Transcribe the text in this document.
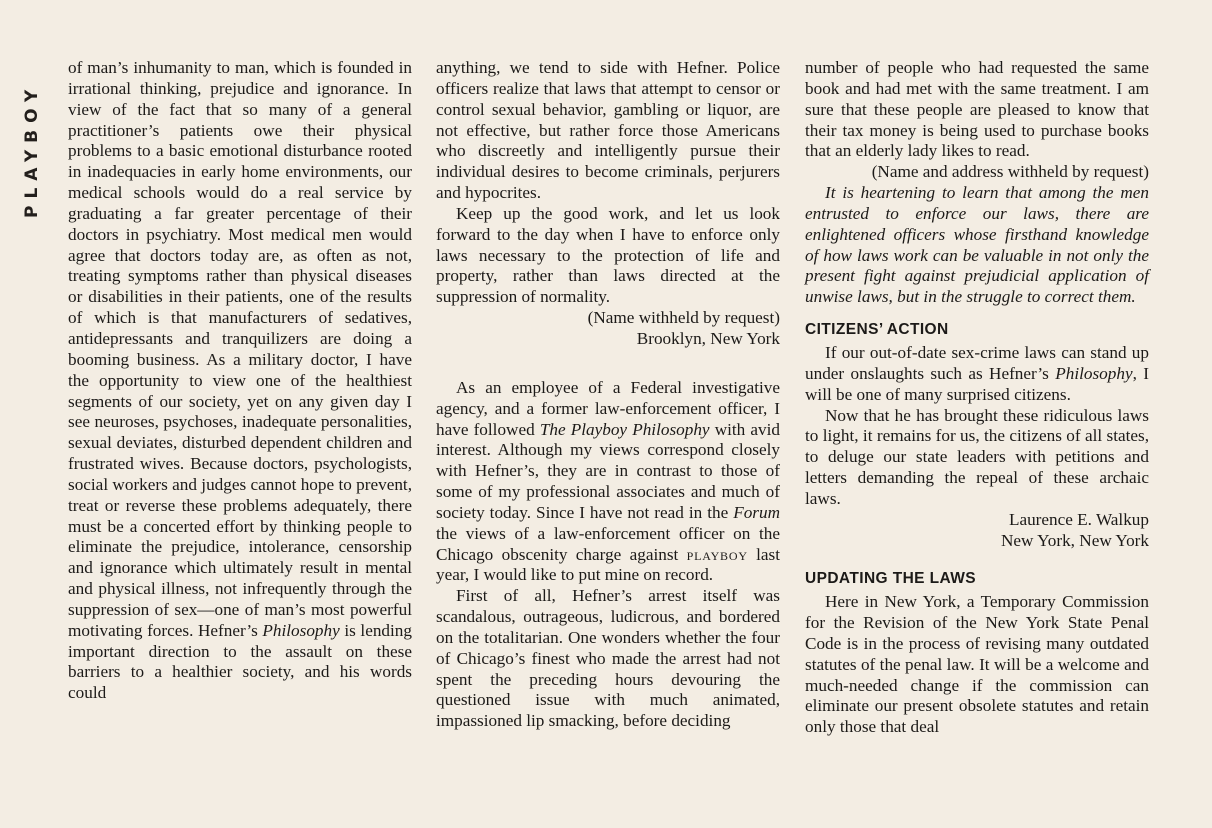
PLAYBOY

of man’s inhumanity to man, which is founded in irrational thinking, prejudice and ignorance. In view of the fact that so many of a general practitioner’s patients owe their physical problems to a basic emotional disturbance rooted in inadequacies in early home environments, our medical schools would do a real service by graduating a far greater percentage of their doctors in psychiatry. Most medical men would agree that doctors today are, as often as not, treating symptoms rather than physical diseases or disabilities in their patients, one of the results of which is that manufacturers of sedatives, antidepressants and tranquilizers are doing a booming business. As a military doctor, I have the opportunity to view one of the healthiest segments of our society, yet on any given day I see neuroses, psychoses, inadequate personalities, sexual deviates, disturbed dependent children and frustrated wives. Because doctors, psychologists, social workers and judges cannot hope to prevent, treat or reverse these problems adequately, there must be a concerted effort by thinking people to eliminate the prejudice, intolerance, censorship and ignorance which ultimately result in mental and physical illness, not infrequently through the suppression of sex—one of man’s most powerful motivating forces. Hefner’s Philosophy is lending important direction to the assault on these barriers to a healthier society, and his words could

anything, we tend to side with Hefner. Police officers realize that laws that attempt to censor or control sexual behavior, gambling or liquor, are not effective, but rather force those Americans who discreetly and intelligently pursue their individual desires to become criminals, perjurers and hypocrites.

Keep up the good work, and let us look forward to the day when I have to enforce only laws necessary to the protection of life and property, rather than laws directed at the suppression of normality.

(Name withheld by request)

Brooklyn, New York

As an employee of a Federal investigative agency, and a former law-enforcement officer, I have followed The Playboy Philosophy with avid interest. Although my views correspond closely with Hefner’s, they are in contrast to those of some of my professional associates and much of society today. Since I have not read in the Forum the views of a law-enforcement officer on the Chicago obscenity charge against playboy last year, I would like to put mine on record.

First of all, Hefner’s arrest itself was scandalous, outrageous, ludicrous, and bordered on the totalitarian. One wonders whether the four of Chicago’s finest who made the arrest had not spent the preceding hours devouring the questioned issue with much animated, impassioned lip smacking, before deciding

number of people who had requested the same book and had met with the same treatment. I am sure that these people are pleased to know that their tax money is being used to purchase books that an elderly lady likes to read.

(Name and address withheld by request)

It is heartening to learn that among the men entrusted to enforce our laws, there are enlightened officers whose firsthand knowledge of how laws work can be valuable in not only the present fight against prejudicial application of unwise laws, but in the struggle to correct them.

CITIZENS’ ACTION

If our out-of-date sex-crime laws can stand up under onslaughts such as Hefner’s Philosophy, I will be one of many surprised citizens.

Now that he has brought these ridiculous laws to light, it remains for us, the citizens of all states, to deluge our state leaders with petitions and letters demanding the repeal of these archaic laws.

Laurence E. Walkup

New York, New York

UPDATING THE LAWS

Here in New York, a Temporary Commission for the Revision of the New York State Penal Code is in the process of revising many outdated statutes of the penal law. It will be a welcome and much-needed change if the commission can eliminate our present obsolete statutes and retain only those that deal
